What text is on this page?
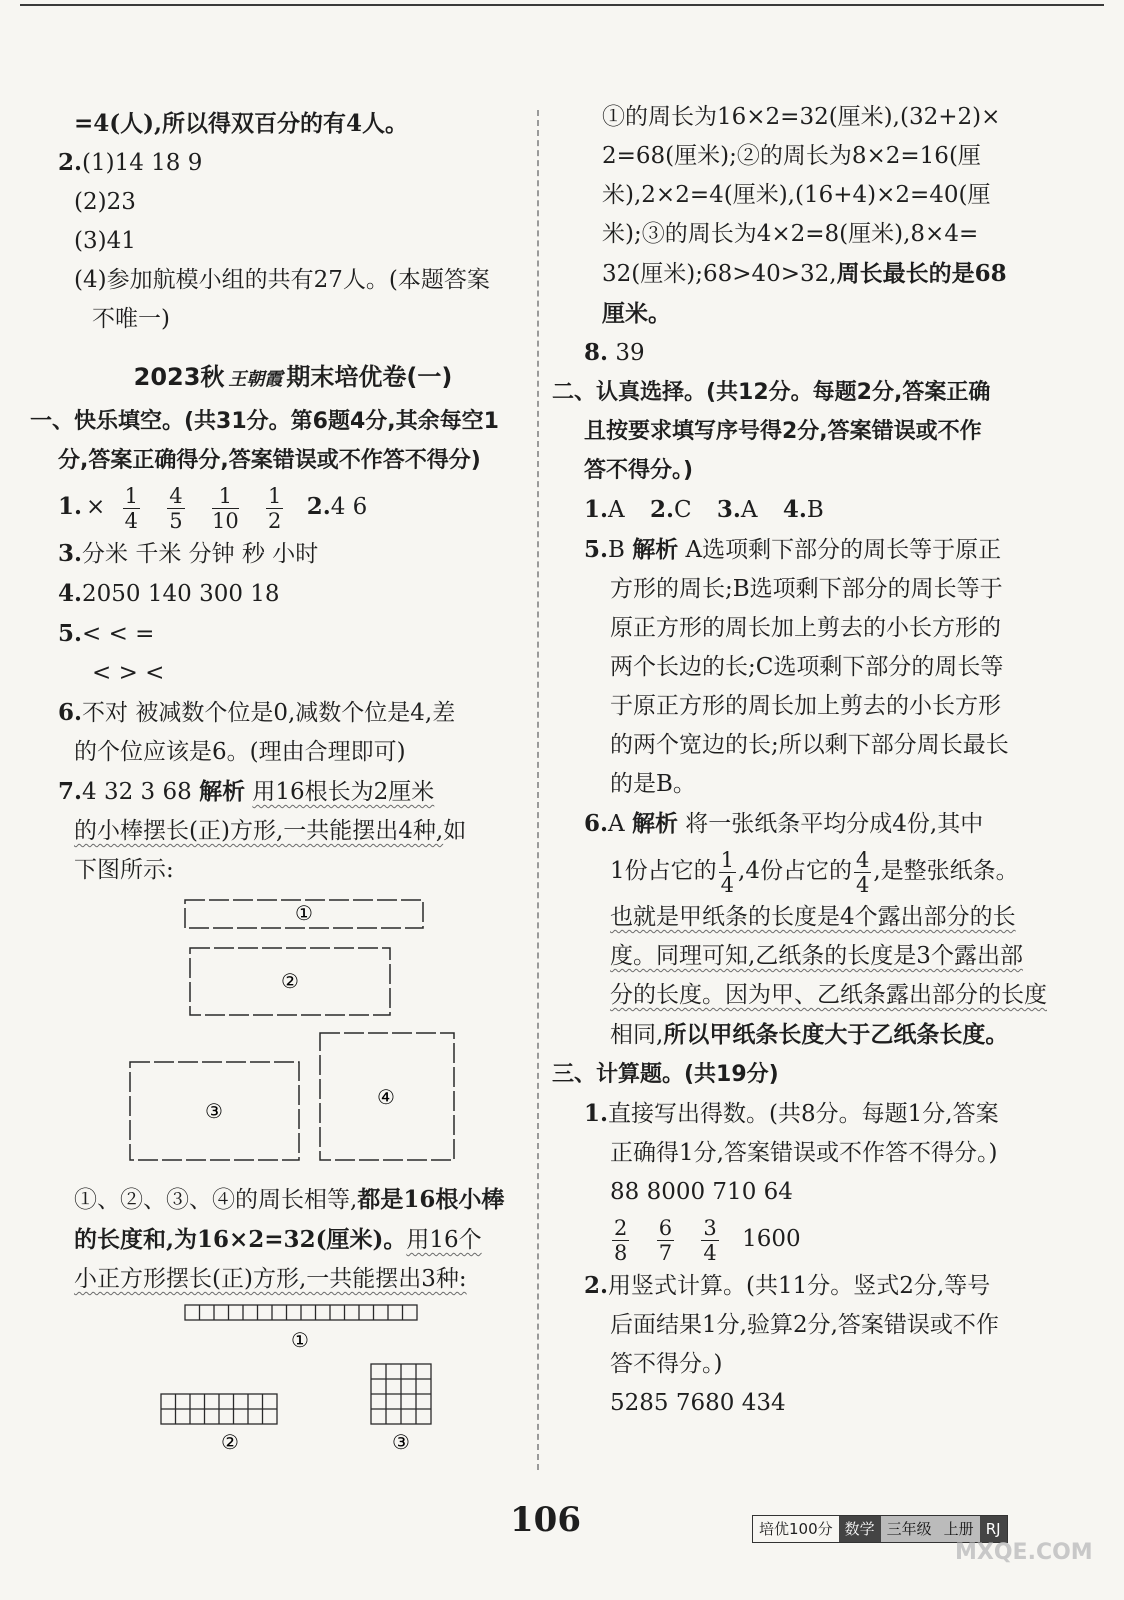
=4(人),所以得双百分的有4人。
2.(1)14 18 9
(2)23
(3)41
(4)参加航模小组的共有27人。(本题答案
不唯一)
2023秋 王朝霞 期末培优卷(一)
一、快乐填空。(共31分。第6题4分,其余每空1
分,答案正确得分,答案错误或不作答不得分)
1. × $\frac{1}{4}$
$\frac{4}{5}$
$\frac{1}{10}$
$\frac{1}{2} 2.4$ 6
3.分米 千米 分钟 秒 小时
4.2050 140 300 18
5.< < =
< > <
6.不对 被减数个位是0,减数个位是4,差
的个位应该是6。(理由合理即可)
7.4 32 3 68 解析 用16根长为2厘米
的小棒摆长(正)方形,一共能摆出4种,如
下图所示:
①
②
③
④
①、②、③、④的周长相等,都是16根小棒
的长度和,为16×2=32(厘米)。用16个
小正方形摆长(正)方形,一共能摆出3种:
①
②	③
①的周长为16×2=32(厘米),(32+2)×
2=68(厘米);②的周长为8×2=16(厘
米),2×2=4(厘米),(16+4)×2=40(厘
米);③的周长为4×2=8(厘米),8×4=
32(厘米);68>40>32,周长最长的是68
厘米。
8. 39
二、认真选择。(共12分。每题2分,答案正确
且按要求填写序号得2分,答案错误或不作
答不得分。)
1.A 2.C 3.A 4.B
5.B 解析 A选项剩下部分的周长等于原正
方形的周长;B选项剩下部分的周长等于
原正方形的周长加上剪去的小长方形的
两个长边的长;C选项剩下部分的周长等
于原正方形的周长加上剪去的小长方形
的两个宽边的长;所以剩下部分周长最长
的是B。
6.A 解析 将一张纸条平均分成4份,其中
1份占它的 $\frac{1}{4} ,4$份占它的 $\frac{4}{4}$ ,是整张纸条。
也就是甲纸条的长度是4个露出部分的长
度。同理可知,乙纸条的长度是3个露出部
分的长度。因为甲、乙纸条露出部分的长度
相同,所以甲纸条长度大于乙纸条长度。
三、计算题。(共19分)
1.直接写出得数。(共8分。每题1分,答案
正确得1分,答案错误或不作答不得分。)
88 8000 710 64
$\frac{2}{8}$
$\frac{6}{7}$
$\frac{3}{4} 1600$
2.用竖式计算。(共11分。竖式2分,等号
后面结果1分,验算2分,答案错误或不作
答不得分。)
5285 7680 434
106	培优100分 数学 三年级 上册 RJ
MXQE.COM
